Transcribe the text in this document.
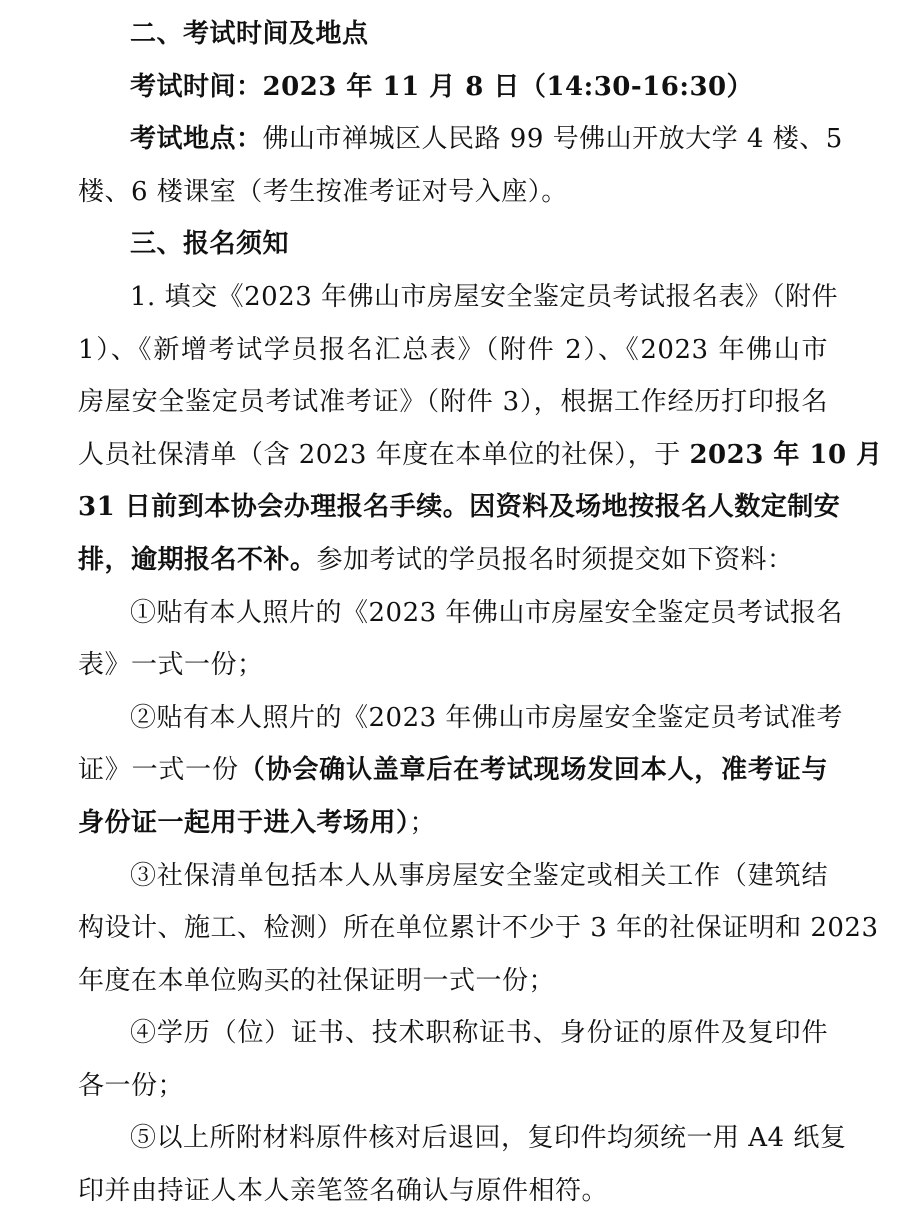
二、考试时间及地点
考试时间：2023 年 11 月 8 日（14:30-16:30）
考试地点：佛山市禅城区人民路 99 号佛山开放大学 4 楼、5
楼、6 楼课室（考生按准考证对号入座）。
三、报名须知
1. 填交《2023 年佛山市房屋安全鉴定员考试报名表》（附件
1）、《新增考试学员报名汇总表》（附件 2）、《2023 年佛山市
房屋安全鉴定员考试准考证》（附件 3），根据工作经历打印报名
人员社保清单（含 2023 年度在本单位的社保），于 2023 年 10 月
31 日前到本协会办理报名手续。因资料及场地按报名人数定制安
排，逾期报名不补。参加考试的学员报名时须提交如下资料：
①贴有本人照片的《2023 年佛山市房屋安全鉴定员考试报名
表》一式一份；
②贴有本人照片的《2023 年佛山市房屋安全鉴定员考试准考
证》一式一份（协会确认盖章后在考试现场发回本人，准考证与
身份证一起用于进入考场用）；
③社保清单包括本人从事房屋安全鉴定或相关工作（建筑结
构设计、施工、检测）所在单位累计不少于 3 年的社保证明和 2023
年度在本单位购买的社保证明一式一份；
④学历（位）证书、技术职称证书、身份证的原件及复印件
各一份；
⑤以上所附材料原件核对后退回，复印件均须统一用 A4 纸复
印并由持证人本人亲笔签名确认与原件相符。
